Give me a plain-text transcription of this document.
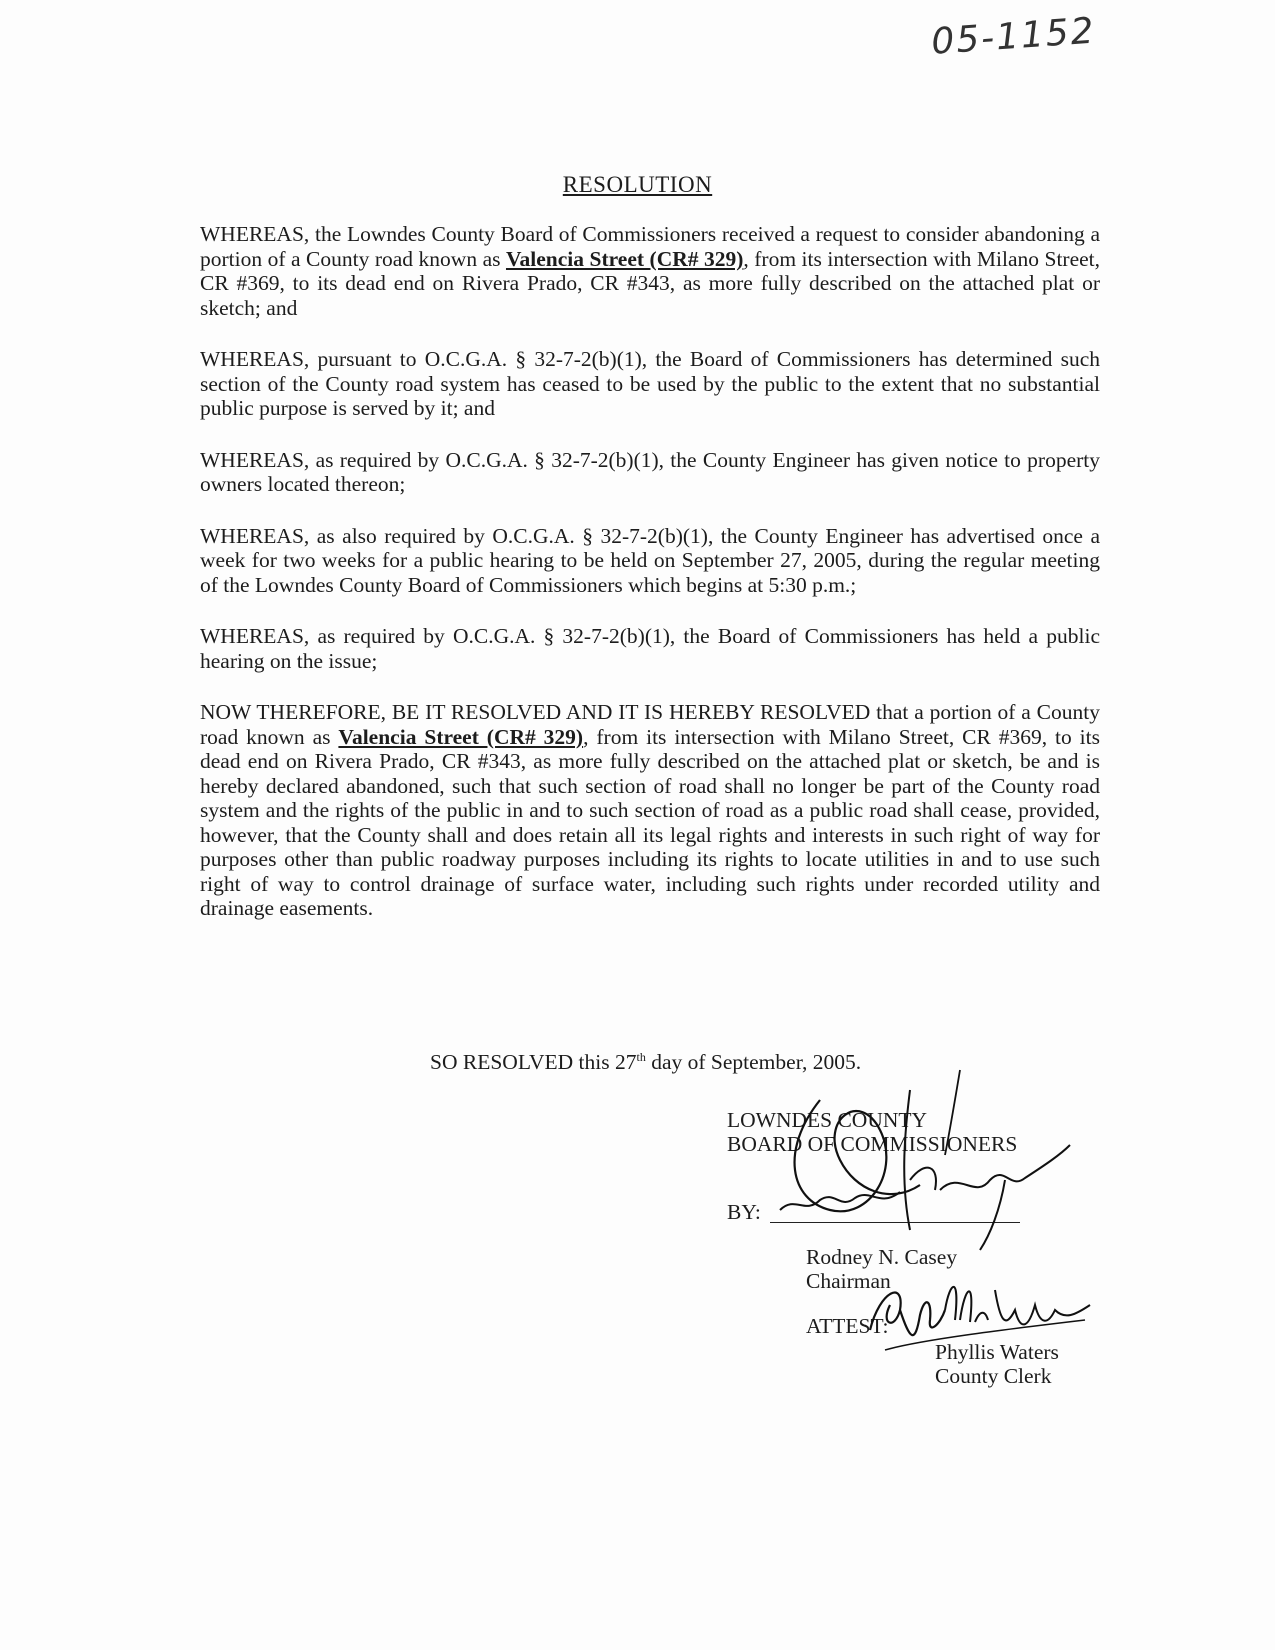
05-1152
RESOLUTION

WHEREAS, the Lowndes County Board of Commissioners received a request to consider abandoning a portion of a County road known as Valencia Street (CR# 329), from its intersection with Milano Street, CR #369, to its dead end on Rivera Prado, CR #343, as more fully described on the attached plat or sketch; and

WHEREAS, pursuant to O.C.G.A. § 32-7-2(b)(1), the Board of Commissioners has determined such section of the County road system has ceased to be used by the public to the extent that no substantial public purpose is served by it; and

WHEREAS, as required by O.C.G.A. § 32-7-2(b)(1), the County Engineer has given notice to property owners located thereon;

WHEREAS, as also required by O.C.G.A. § 32-7-2(b)(1), the County Engineer has advertised once a week for two weeks for a public hearing to be held on September 27, 2005, during the regular meeting of the Lowndes County Board of Commissioners which begins at 5:30 p.m.;

WHEREAS, as required by O.C.G.A. § 32-7-2(b)(1), the Board of Commissioners has held a public hearing on the issue;

NOW THEREFORE, BE IT RESOLVED AND IT IS HEREBY RESOLVED that a portion of a County road known as Valencia Street (CR# 329), from its intersection with Milano Street, CR #369, to its dead end on Rivera Prado, CR #343, as more fully described on the attached plat or sketch, be and is hereby declared abandoned, such that such section of road shall no longer be part of the County road system and the rights of the public in and to such section of road as a public road shall cease, provided, however, that the County shall and does retain all its legal rights and interests in such right of way for purposes other than public roadway purposes including its rights to locate utilities in and to use such right of way to control drainage of surface water, including such rights under recorded utility and drainage easements.

SO RESOLVED this 27th day of September, 2005.
LOWNDES COUNTY
BOARD OF COMMISSIONERS
BY:
Rodney N. Casey
Chairman
ATTEST:
Phyllis Waters
County Clerk
